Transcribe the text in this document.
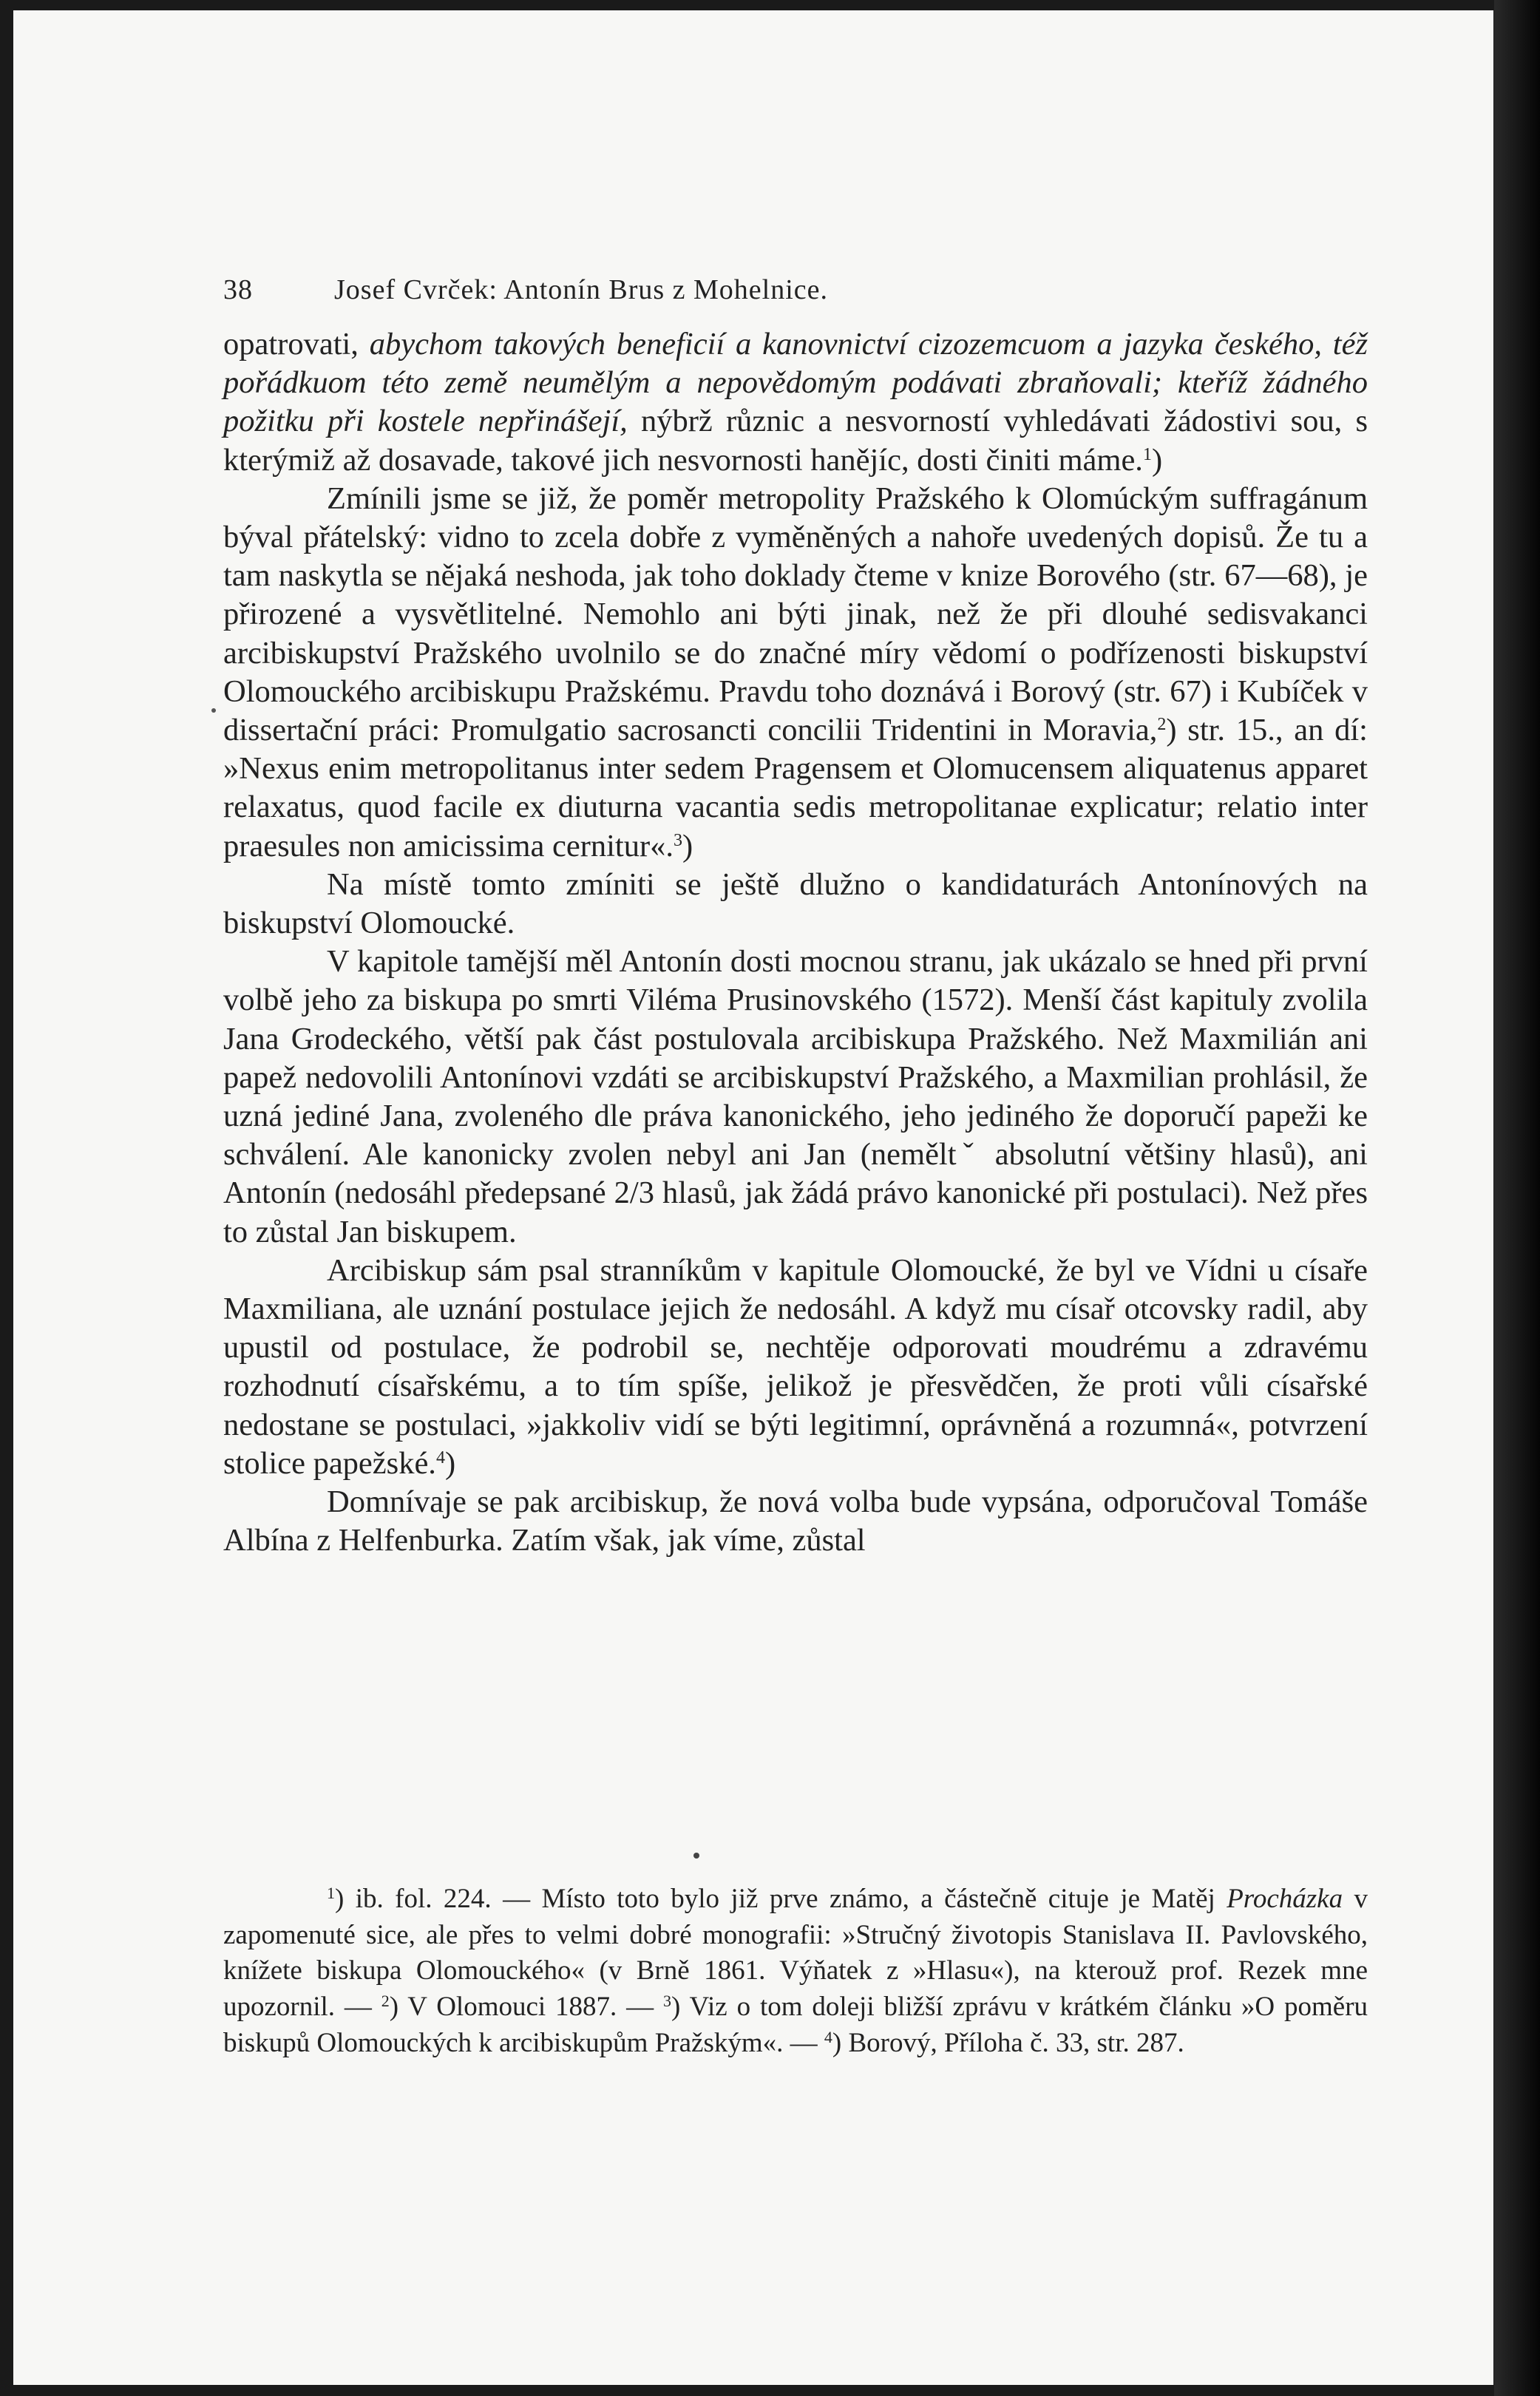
38	Josef Cvrček: Antonín Brus z Mohelnice.

opatrovati, abychom takových beneficií a kanovnictví cizozemcuom a jazyka českého, též pořádkuom této země neumělým a nepovědomým podávati zbraňovali; kteříž žádného požitku při kostele nepřinášejí, nýbrž různic a nesvorností vyhledávati žádostivi sou, s kterýmiž až dosavade, takové jich nesvornosti hanějíc, dosti činiti máme.$^1$)

Zmínili jsme se již, že poměr metropolity Pražského k Olomúckým suffragánum býval přátelský: vidno to zcela dobře z vyměněných a nahoře uvedených dopisů. Že tu a tam naskytla se nějaká neshoda, jak toho doklady čteme v knize Borového (str. 67—68), je přirozené a vysvětlitelné. Nemohlo ani býti jinak, než že při dlouhé sedisvakanci arcibiskupství Pražského uvolnilo se do značné míry vědomí o podřízenosti biskupství Olomouckého arcibiskupu Pražskému. Pravdu toho doznává i Borový (str. 67) i Kubíček v dissertační práci: Promulgatio sacrosancti concilii Tridentini in Moravia,$^2$) str. 15., an dí: »Nexus enim metropolitanus inter sedem Pragensem et Olomucensem aliquatenus apparet relaxatus, quod facile ex diuturna vacantia sedis metropolitanae explicatur; relatio inter praesules non amicissima cernitur«.$^3$)

Na místě tomto zmíniti se ještě dlužno o kandidaturách Antonínových na biskupství Olomoucké.

V kapitole tamější měl Antonín dosti mocnou stranu, jak ukázalo se hned při první volbě jeho za biskupa po smrti Viléma Prusinovského (1572). Menší část kapituly zvolila Jana Grodeckého, větší pak část postulovala arcibiskupa Pražského. Než Maxmilián ani papež nedovolili Antonínovi vzdáti se arcibiskupství Pražského, a Maxmilian prohlásil, že uzná jediné Jana, zvoleného dle práva kanonického, jeho jediného že doporučí papeži ke schválení. Ale kanonicky zvolen nebyl ani Jan (neměltˇ absolutní většiny hlasů), ani Antonín (nedosáhl předepsané 2/3 hlasů, jak žádá právo kanonické při postulaci). Než přes to zůstal Jan biskupem.

Arcibiskup sám psal stranníkům v kapitule Olomoucké, že byl ve Vídni u císaře Maxmiliana, ale uznání postulace jejich že nedosáhl. A když mu císař otcovsky radil, aby upustil od postulace, že podrobil se, nechtěje odporovati moudrému a zdravému rozhodnutí císařskému, a to tím spíše, jelikož je přesvědčen, že proti vůli císařské nedostane se postulaci, »jakkoliv vidí se býti legitimní, oprávněná a rozumná«, potvrzení stolice papežské.$^4$)

Domnívaje se pak arcibiskup, že nová volba bude vypsána, odporučoval Tomáše Albína z Helfenburka. Zatím však, jak víme, zůstal

$^1$) ib. fol. 224. — Místo toto bylo již prve známo, a částečně cituje je Matěj Procházka v zapomenuté sice, ale přes to velmi dobré monografii: »Stručný životopis Stanislava II. Pavlovského, knížete biskupa Olomouckého« (v Brně 1861. Výňatek z »Hlasu«), na kterouž prof. Rezek mne upozornil. — $^2$) V Olomouci 1887. — $^3$) Viz o tom doleji bližší zprávu v krátkém článku »O poměru biskupů Olomouckých k arcibiskupům Pražským«. — $^4$) Borový, Příloha č. 33, str. 287.
